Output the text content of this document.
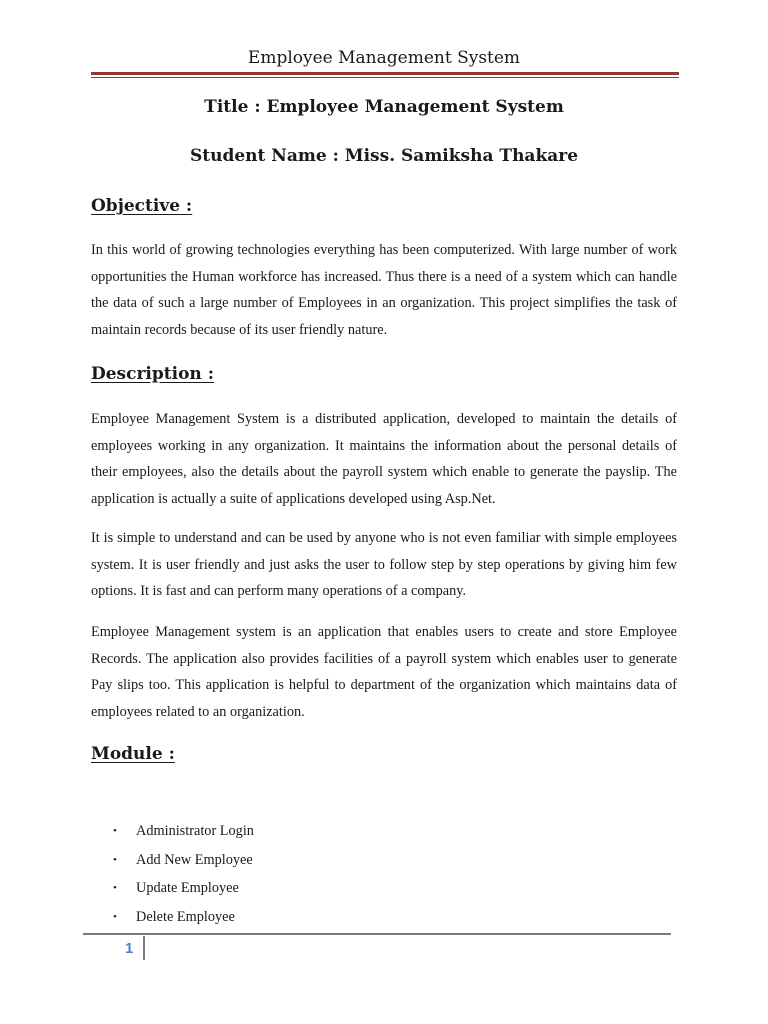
Employee Management System
Title : Employee Management System
Student Name : Miss. Samiksha Thakare
Objective :
In this world of growing technologies everything has been computerized. With large number of work opportunities the Human workforce has increased. Thus there is a need of a system which can handle the data of such a large number of Employees in an organization. This project simplifies the task of maintain records because of its user friendly nature.
Description :
Employee Management System is a distributed application, developed to maintain the details of employees working in any organization. It maintains the information about the personal details of their employees, also the details about the payroll system which enable to generate the payslip. The application is actually a suite of applications developed using Asp.Net.
It is simple to understand and can be used by anyone who is not even familiar with simple employees system. It is user friendly and just asks the user to follow step by step operations by giving him few options. It is fast and can perform many operations of a company.
Employee Management system is an application that enables users to create and store Employee Records. The application also provides facilities of a payroll system which enables user to generate Pay slips too. This application is helpful to department of the organization which maintains data of employees related to an organization.
Module :
• Administrator Login
• Add New Employee
• Update Employee
• Delete Employee
1
